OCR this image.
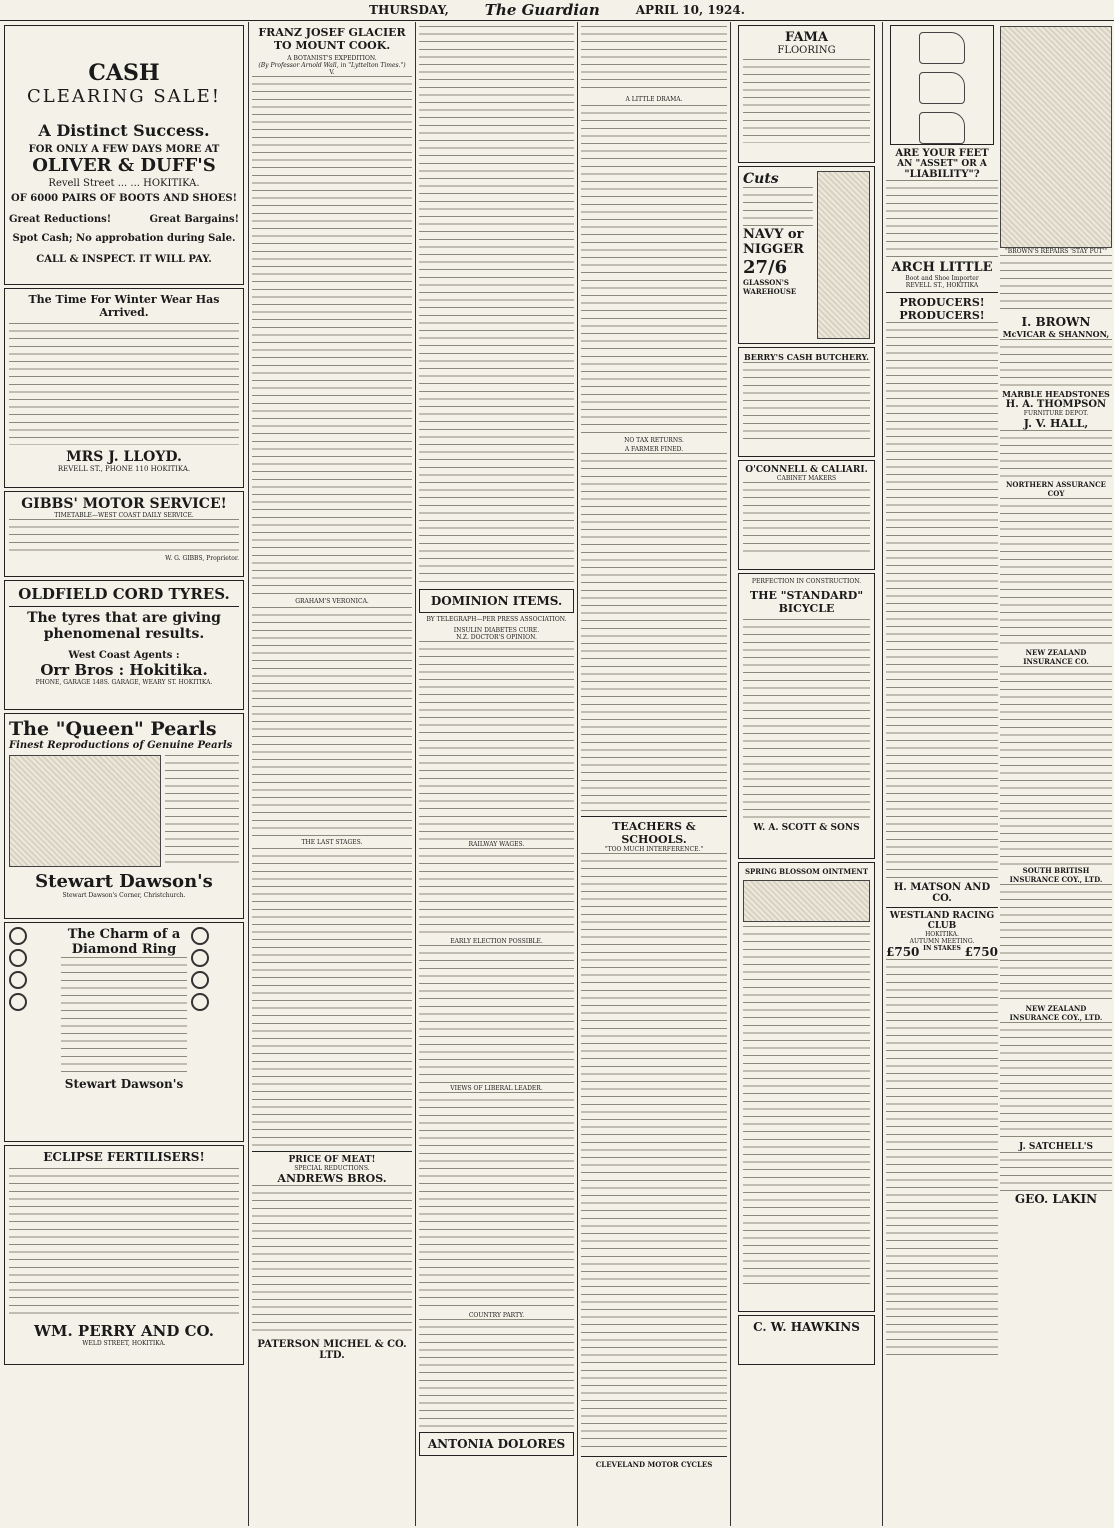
THURSDAY, The Guardian	APRIL 10, 1924.
CASH
CLEARING SALE!
A Distinct Success.
FOR ONLY A FEW DAYS MORE AT
OLIVER & DUFF'S
Revell Street ... ... HOKITIKA.
OF 6000 PAIRS OF BOOTS AND SHOES!
Great Reductions!	Great Bargains!
Spot Cash; No approbation during Sale.
CALL & INSPECT. IT WILL PAY.
The Time For Winter Wear Has Arrived.
MRS J. LLOYD.
REVELL ST., PHONE 110 HOKITIKA.
GIBBS' MOTOR SERVICE!
TIMETABLE—WEST COAST DAILY SERVICE.
W. G. GIBBS, Proprietor.
OLDFIELD CORD TYRES.
The tyres that are giving phenomenal results.
West Coast Agents :
Orr Bros : Hokitika.
PHONE, GARAGE 148S. GARAGE, WEARY ST. HOKITIKA.
The "Queen" Pearls
Finest Reproductions of Genuine Pearls
Stewart Dawson's
Stewart Dawson's Corner, Christchurch.

The Charm of a Diamond Ring
Stewart Dawson's

ECLIPSE FERTILISERS!
WM. PERRY AND CO.
WELD STREET, HOKITIKA.
FRANZ JOSEF GLACIER TO MOUNT COOK.
A BOTANIST'S EXPEDITION.
(By Professor Arnold Wall, in "Lyttelton Times.")
V.
GRAHAM'S VERONICA.
THE LAST STAGES.
PRICE OF MEAT!
SPECIAL REDUCTIONS.
ANDREWS BROS.
PATERSON MICHEL & CO. LTD.
DOMINION ITEMS.
BY TELEGRAPH—PER PRESS ASSOCIATION.
INSULIN DIABETES CURE.
N.Z. DOCTOR'S OPINION.
RAILWAY WAGES.
EARLY ELECTION POSSIBLE.
VIEWS OF LIBERAL LEADER.
COUNTRY PARTY.
ANTONIA DOLORES
A LITTLE DRAMA.
NO TAX RETURNS.
A FARMER FINED.
TEACHERS & SCHOOLS.
"TOO MUCH INTERFERENCE."
CLEVELAND MOTOR CYCLES
FAMA
FLOORING
Cuts
NAVY or NIGGER
27/6
GLASSON'S WAREHOUSE
BERRY'S CASH BUTCHERY.
O'CONNELL & CALIARI.
CABINET MAKERS
PERFECTION IN CONSTRUCTION.
THE "STANDARD" BICYCLE
W. A. SCOTT & SONS
SPRING BLOSSOM OINTMENT
C. W. HAWKINS
ARE YOUR FEET
AN "ASSET" OR A
"LIABILITY"?
ARCH LITTLE
Boot and Shoe Importer
REVELL ST., HOKITIKA
PRODUCERS! PRODUCERS!
H. MATSON AND CO.
WESTLAND RACING CLUB
HOKITIKA.
AUTUMN MEETING.
£750 IN STAKES £750
"BROWN'S REPAIRS 'STAY PUT'"
I. BROWN
McVICAR & SHANNON,
MARBLE HEADSTONES
H. A. THOMPSON
FURNITURE DEPOT.
J. V. HALL,
NORTHERN ASSURANCE COY
NEW ZEALAND INSURANCE CO.
SOUTH BRITISH INSURANCE COY., LTD.
NEW ZEALAND INSURANCE COY., LTD.
J. SATCHELL'S
GEO. LAKIN
